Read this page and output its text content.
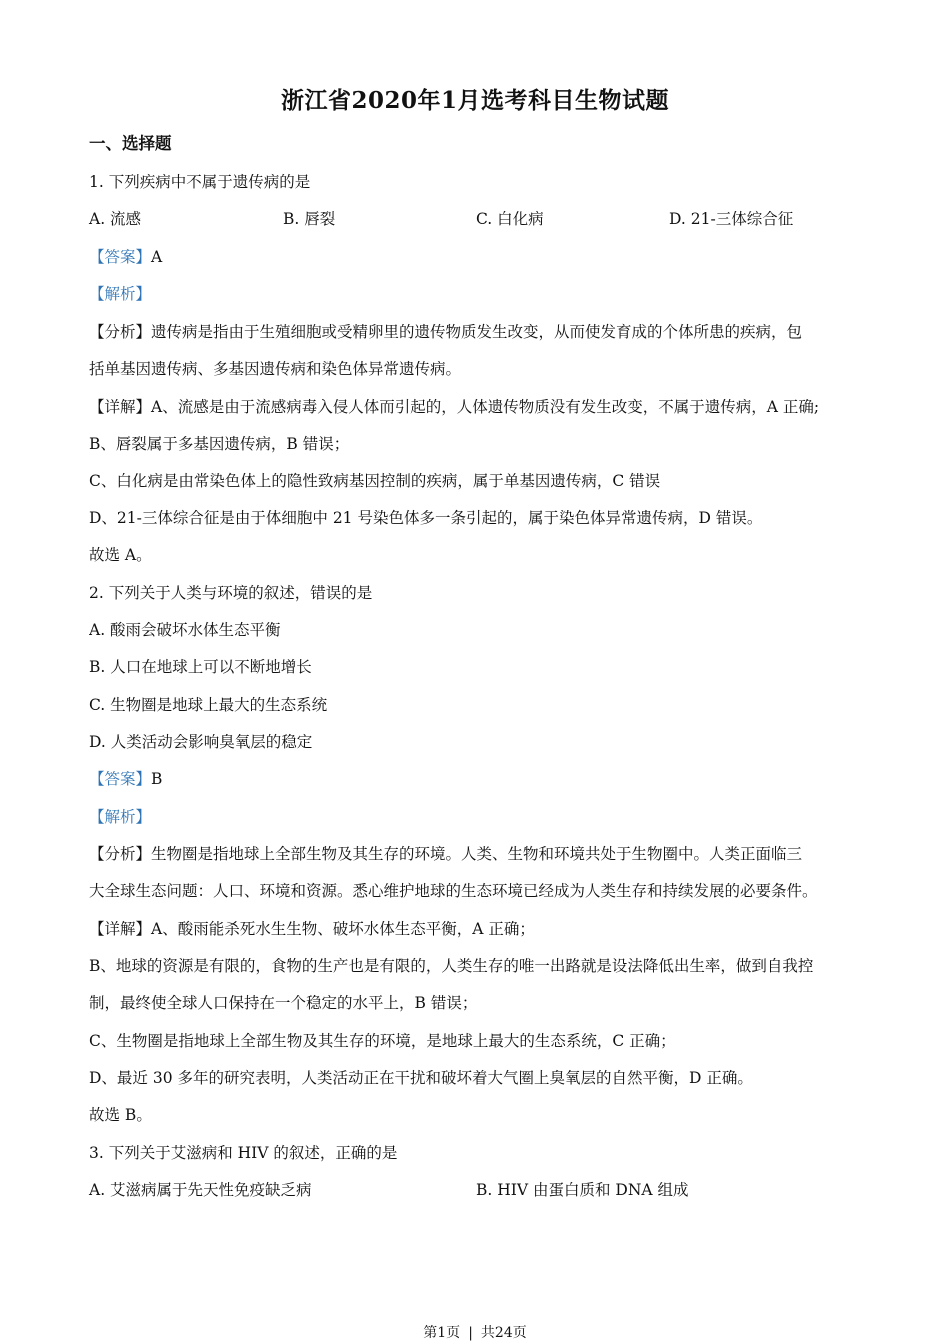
浙江省2020年1月选考科目生物试题
一、选择题
1. 下列疾病中不属于遗传病的是
A. 流感	B. 唇裂	C. 白化病	D. 21-三体综合征
【答案】A
【解析】
【分析】遗传病是指由于生殖细胞或受精卵里的遗传物质发生改变，从而使发育成的个体所患的疾病，包
括单基因遗传病、多基因遗传病和染色体异常遗传病。
【详解】A、流感是由于流感病毒入侵人体而引起的，人体遗传物质没有发生改变，不属于遗传病，A 正确;
B、唇裂属于多基因遗传病，B 错误；
C、白化病是由常染色体上的隐性致病基因控制的疾病，属于单基因遗传病，C 错误
D、21-三体综合征是由于体细胞中 21 号染色体多一条引起的，属于染色体异常遗传病，D 错误。
故选 A。
2. 下列关于人类与环境的叙述，错误的是
A. 酸雨会破坏水体生态平衡
B. 人口在地球上可以不断地增长
C. 生物圈是地球上最大的生态系统
D. 人类活动会影响臭氧层的稳定
【答案】B
【解析】
【分析】生物圈是指地球上全部生物及其生存的环境。人类、生物和环境共处于生物圈中。人类正面临三
大全球生态问题：人口、环境和资源。悉心维护地球的生态环境已经成为人类生存和持续发展的必要条件。
【详解】A、酸雨能杀死水生生物、破坏水体生态平衡，A 正确；
B、地球的资源是有限的，食物的生产也是有限的，人类生存的唯一出路就是设法降低出生率，做到自我控
制，最终使全球人口保持在一个稳定的水平上，B 错误；
C、生物圈是指地球上全部生物及其生存的环境，是地球上最大的生态系统，C 正确；
D、最近 30 多年的研究表明，人类活动正在干扰和破坏着大气圈上臭氧层的自然平衡，D 正确。
故选 B。
3. 下列关于艾滋病和 HIV 的叙述，正确的是
A. 艾滋病属于先天性免疫缺乏病	B. HIV 由蛋白质和 DNA 组成
第1页 | 共24页
